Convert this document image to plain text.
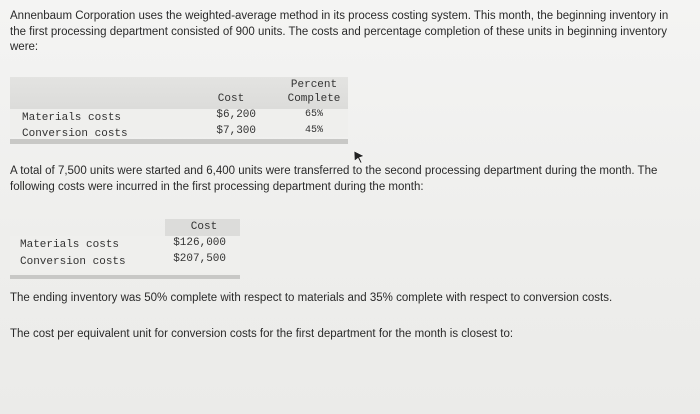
Annenbaum Corporation uses the weighted-average method in its process costing system. This month, the beginning inventory in the first processing department consisted of 900 units. The costs and percentage completion of these units in beginning inventory were:
Cost
Percent
Complete
Materials costs	$6,200	65%
Conversion costs	$7,300	45%
A total of 7,500 units were started and 6,400 units were transferred to the second processing department during the month. The following costs were incurred in the first processing department during the month:
Cost
Materials costs	$126,000
Conversion costs	$207,500
The ending inventory was 50% complete with respect to materials and 35% complete with respect to conversion costs.
The cost per equivalent unit for conversion costs for the first department for the month is closest to:
